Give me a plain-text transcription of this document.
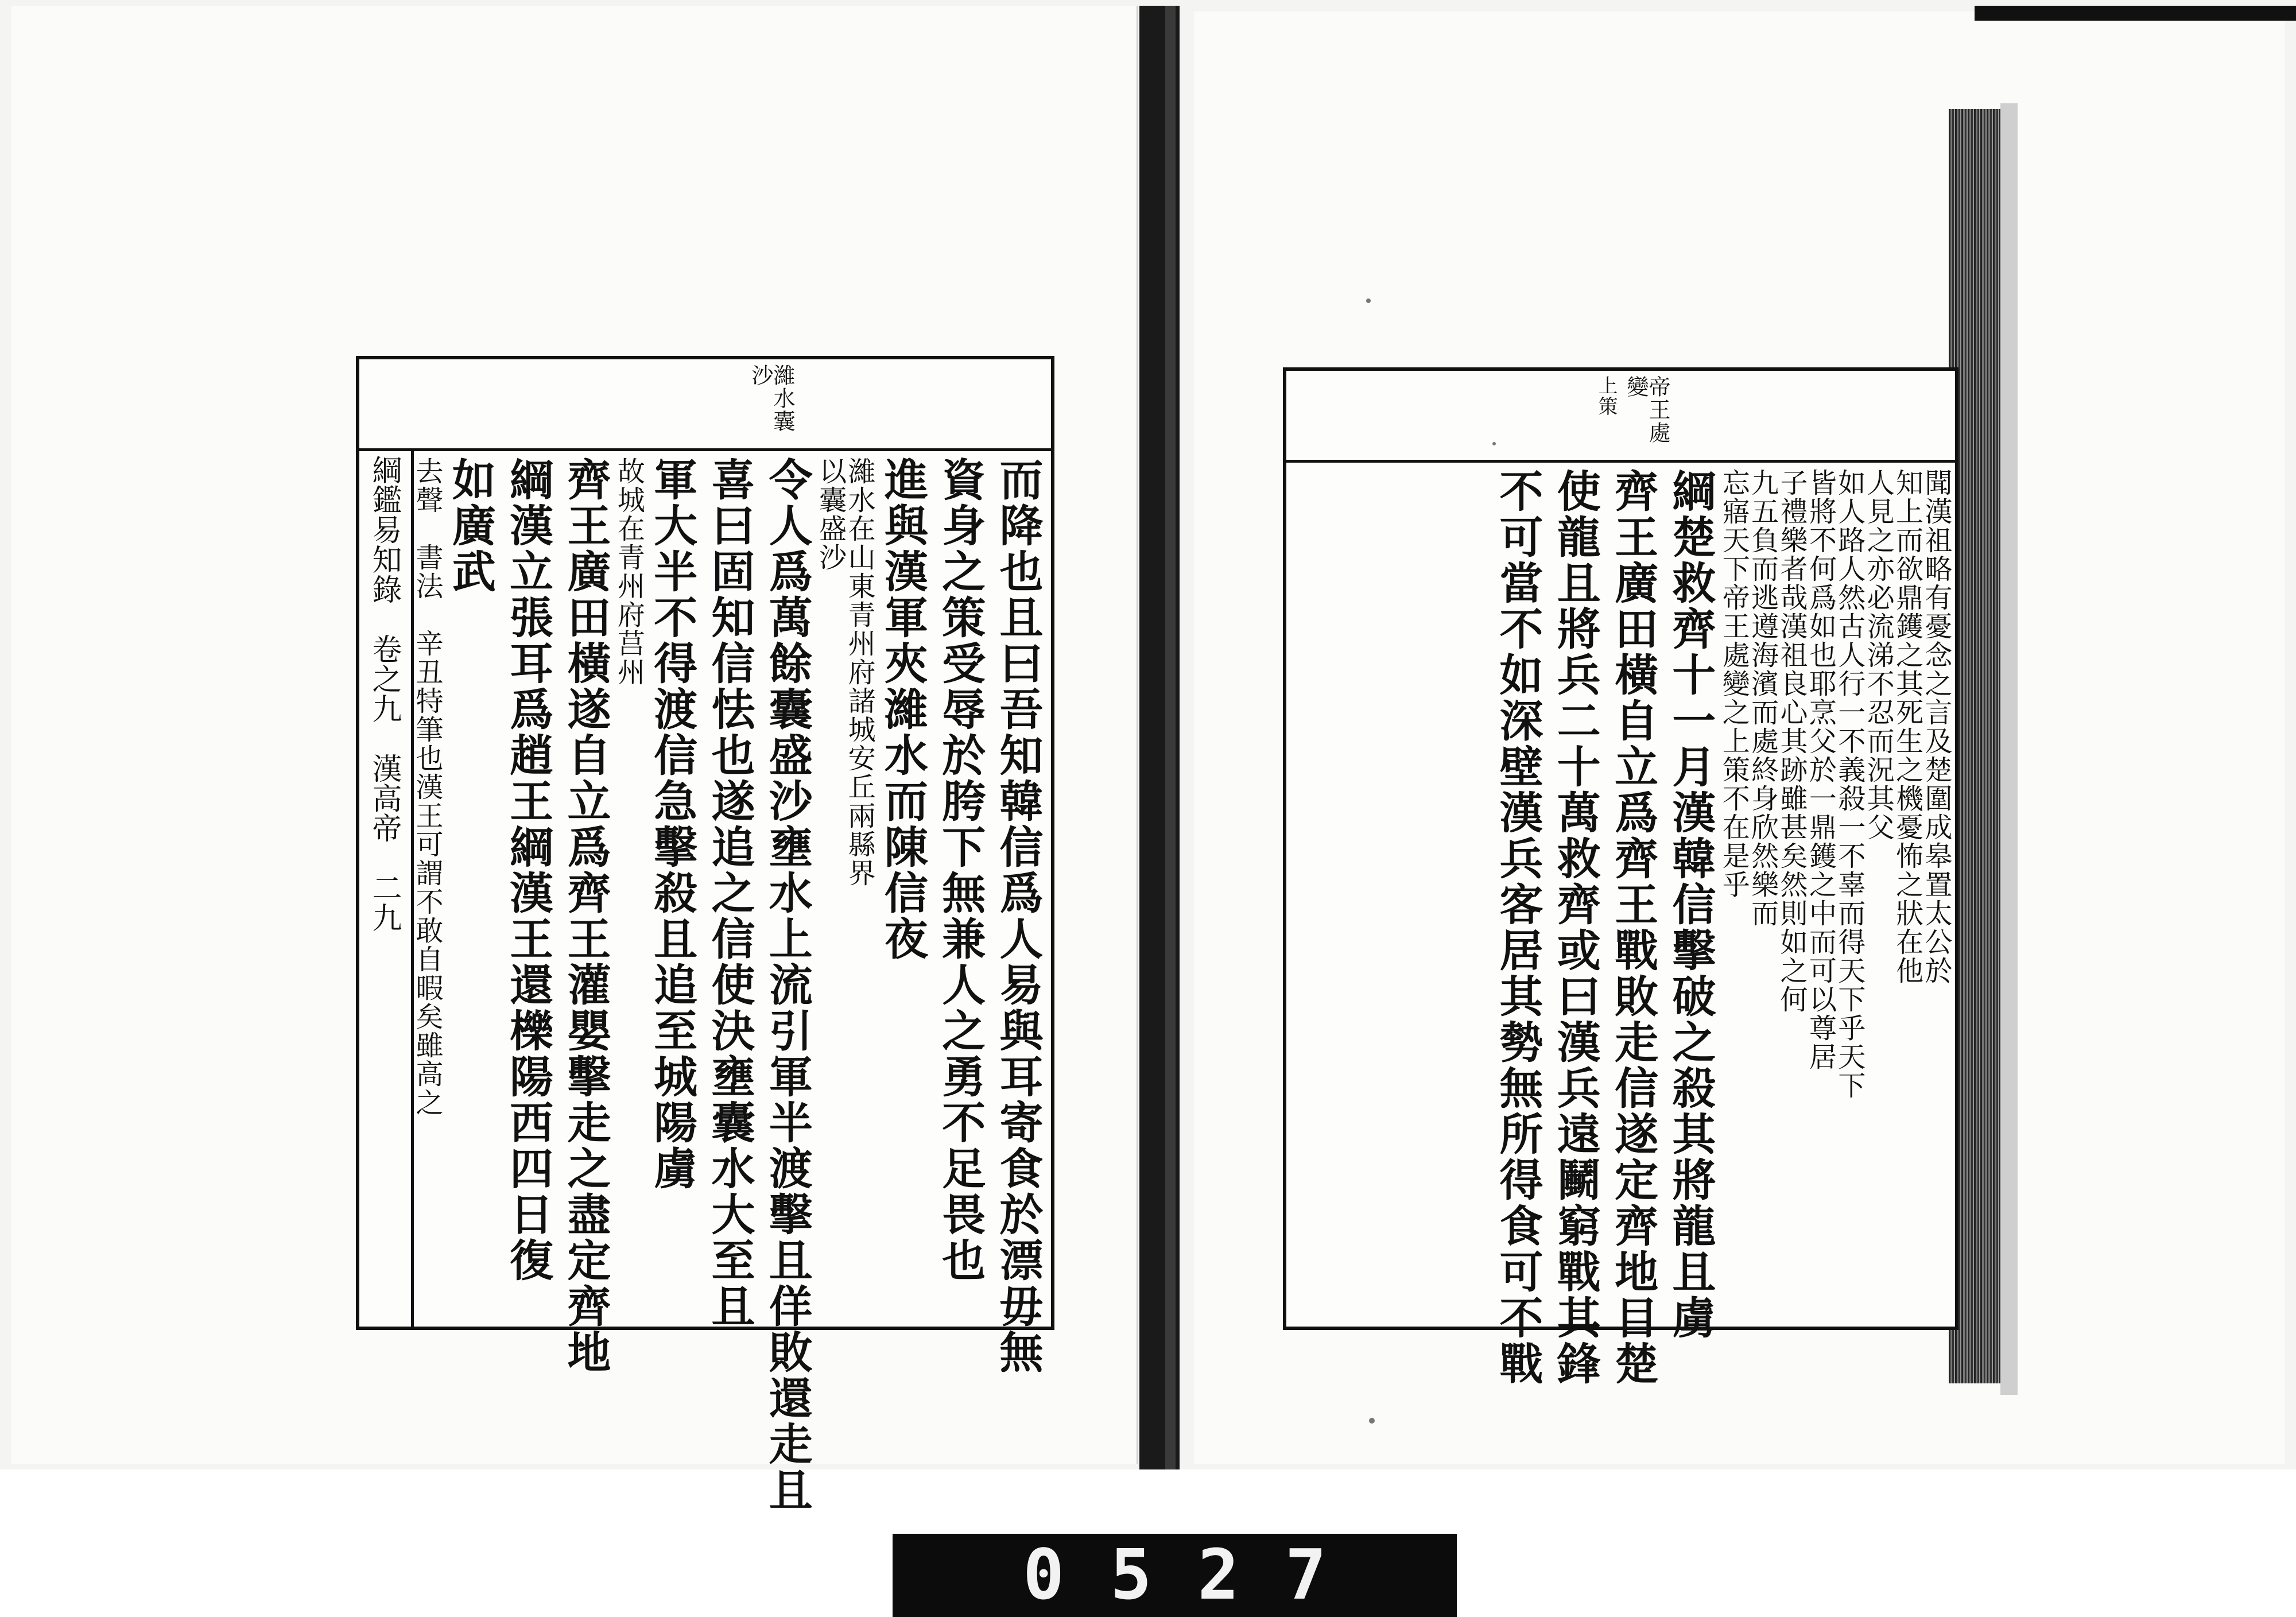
濰水囊沙
綱鑑易知錄　卷之九　漢高帝　二九	而降也且曰吾知韓信爲人易與耳寄食於漂毋無
資身之策受辱於胯下無兼人之勇不足畏也
進與漢軍夾濰水而陳信夜
濰水在山東青州府諸城安丘兩縣界
以囊盛沙
令人爲萬餘囊盛沙壅水上流引軍半渡擊且佯敗還走且
喜曰固知信怯也遂追之信使決壅囊水大至且
軍大半不得渡信急擊殺且追至城陽虜
故城在青州府莒州
齊王廣田橫遂自立爲齊王灌嬰擊走之盡定齊地
綱漢立張耳爲趙王綱漢王還櫟陽西四日復
如廣武
去聲　書法　辛丑特筆也漢王可謂不敢自暇矣雖高之
帝王處變
上策
聞漢祖略有憂念之言及楚圍成皋置太公於
知上而欲鼎鑊之其死生之機憂怖之狀在他
人見之亦必流涕不忍而況其父
如人路人然古人行一不義殺一不辜而得天下乎天下
皆將不何爲如也耶烹父於一鼎鑊之中而可以尊居
子禮樂者哉漢祖良心其跡雖甚矣然則如之何
九五負而逃遵海濱而處終身欣然樂而
忘寤天下帝王處變之上策不在是乎
綱楚救齊十一月漢韓信擊破之殺其將龍且虜
齊王廣田橫自立爲齊王戰敗走信遂定齊地目楚
使龍且將兵二十萬救齊或曰漢兵遠鬭窮戰其鋒
不可當不如深壁漢兵客居其勢無所得食可不戰
0527
